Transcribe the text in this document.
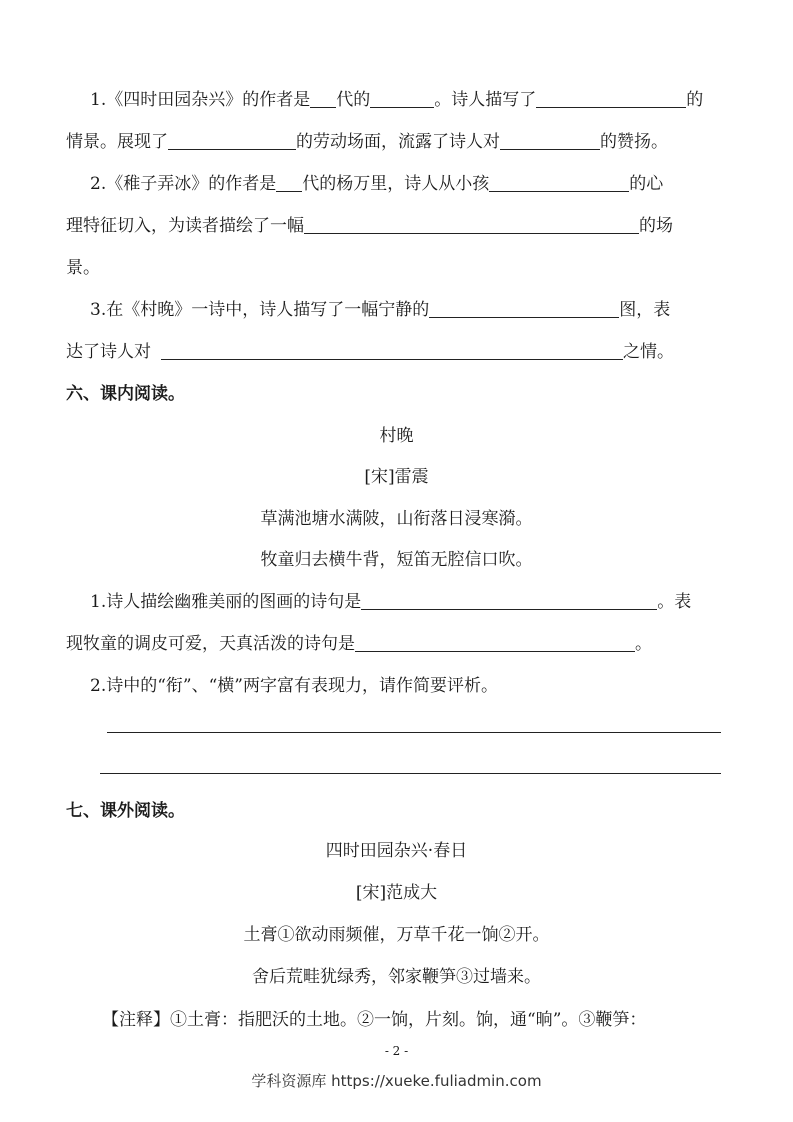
1.《四时田园杂兴》的作者是 代的	。诗人描写了	的
情景。展现了	的劳动场面，流露了诗人对	的赞扬。
2.《稚子弄冰》的作者是 代的杨万里，诗人从小孩	的心
理特征切入，为读者描绘了一幅	的场
景。
3.在《村晚》一诗中，诗人描写了一幅宁静的	图，表
达了诗人对	之情。
六、课内阅读。
村晚
[宋]雷震
草满池塘水满陂，山衔落日浸寒漪。
牧童归去横牛背，短笛无腔信口吹。
1.诗人描绘幽雅美丽的图画的诗句是	。表
现牧童的调皮可爱，天真活泼的诗句是	。
2.诗中的“衔”、“横”两字富有表现力，请作简要评析。
七、课外阅读。
四时田园杂兴·春日
[宋]范成大
土膏①欲动雨频催，万草千花一饷②开。
舍后荒畦犹绿秀，邻家鞭笋③过墙来。
【注释】①土膏：指肥沃的土地。②一饷，片刻。饷，通“晌”。③鞭笋：
- 2 -
学科资源库 https://xueke.fuliadmin.com
